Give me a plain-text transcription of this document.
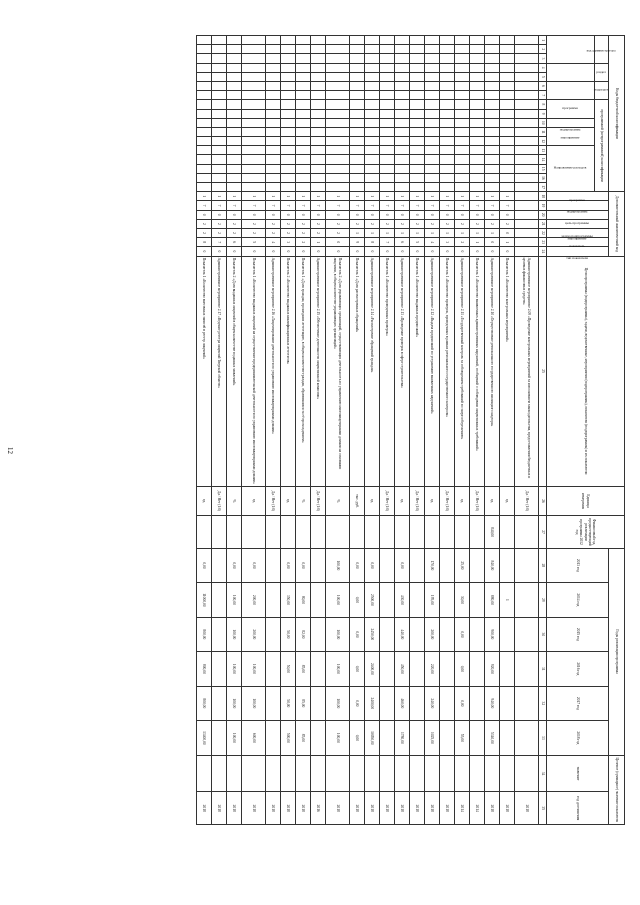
12
Коды бюджетной классификации																	Дополнительный аналитический код							Цели программы (подпрограммы), задачи, ведомственные, мероприятия (подпрограммы), показатели (подпрограммы) и их показатели	Единица измерения	Финансовый год, предшествующий реализации программы 2012 год	Годы реализации программы						Целевое (суммарное) значение показателя	
код администратора			раздел		подраздел		программной (непрограммной) классификации										программа	подпрограмма	цель программы	задача подпрограммы	мероприятие	показатель	тип показателя				2013 год	2014 год	2015 год	2016 год	2017 год	2018 год	значение	год достижения
							программа		подпрограмма	мероприятие		Направление расходов																						
1	2	3	4	5	6	7	8	9	10	11	12	13	14	15	16	17	18	19	20	21	22	23	24	25	26	27	28	29	30	31	32	33	34	35
																								Административное мероприятие 2.09 «Проведение контрольных мероприятий за исполнением законодательства, предоставлении бюджетных и целевых финансовых средств»	Да / Нет (1/0)									2018
																	1	7	0	2	0	1	0	Показатель 1 «Количество контрольных мероприятий»	ед.			1						2018
																	1	7	0	2	1	0	0	Административное мероприятие 2.10 «Осуществление регионального государственного жилищного надзора»	ед.	840,00	840,00	880,00	900,00	920,00	940,00	5340,00		2018
																	1	7	0	2	1	1	0	Показатель 1 «Количество выявленных административных нарушений, сообщений о соблюдении лицензионных требований»	Да / Нет (1/0)									2014
																	1	7	0	2	1	2	0	Административное мероприятие 2.11 «Государственный контроль за соблюдением требований по энергосбережению»	ед.		25,00	30,00	0,00	0,00	0,00	55,00		2014
																	1	7	0	2	1	3	0	Показатель 1 «Количество проверок, проведенных в рамках регионального государственного контроля»	Да / Нет (1/0)									2018
																	1	7	0	2	1	4	0	Административное мероприятие 2.12 «Выдача предписаний по устранению выявленных нарушений»	ед.		170,00	195,00	200,00	220,00	240,00	1025,00		2018
																	1	7	0	2	1	5	0	Показатель 1 «Количество выданных предписаний»	Да / Нет (1/0)									2018
																	1	7	0	2	1	6	0	Административное мероприятие 2.13 «Проведение проверок в сфере строительства»	ед.		0,00	430,00	440,00	450,00	460,00	1780,00		2018
																	1	7	0	2	1	7	0	Показатель 1 «Количество проведенных проверок»	Да / Нет (1/0)									2018
																	1	7	0	2	1	8	0	Административное мероприятие 2.14 «Рассмотрение обращений граждан»	ед.		0,00	2500,00	2450,00	2400,00	2400,00	10050,00		2018
																	1	7	0	2	1	9	0	Показатель 1 «Доля рассмотренных обращений»	тыс. руб.		0,00	0,00	0,00	0,00	0,00	0,00		2018
																	1	7	0	2	2	0	0	Показатель 2 «Доля управляющих организаций, осуществляющих деятельность по управлению многоквартирными домами на основании лицензии, в общем количестве управляющих организаций»	%		100,00	100,00	100,00	100,00	100,00	100,00		2018
																	1	7	0	2	2	1	0	Административное мероприятие 2.15 «Обеспечение деятельности лицензионной комиссии»	Да / Нет (1/0)									2016
																	1	7	0	2	2	2	0	Показатель 1 «Доля граждан, прошедших аттестацию, в общем количестве граждан, обратившихся за её прохождением»	%		0,00	80,00	82,00	85,00	85,00	85,00		2018
																	1	7	0	2	2	3	0	Показатель 2 «Количество выданных квалификационных аттестатов»	ед.		0,00	350,00	50,00	50,00	50,00	500,00		2018
																	1	7	0	2	2	4	0	Административное мероприятие 2.16 «Лицензирование деятельности по управлению многоквартирными домами»	Да / Нет (1/0)									2018
																	1	7	0	2	2	5	0	Показатель 1 «Количество выданных лицензий на осуществление предпринимательской деятельности по управлению многоквартирными домами»	ед.		0,00	200,00	200,00	100,00	100,00	600,00		2018
																	1	7	0	2	2	6	0	Показатель 2 «Доля выданных лицензий в общем количестве поданных заявлений»	%		0,00	100,00	100,00	100,00	100,00	100,00		2018
																	1	7	0	2	2	7	0	Административное мероприятие 2.17 «Ведение реестра лицензий Тверской области»	Да / Нет (1/0)									2018
																	1	7	0	2	2	8	0	Показатель 1 «Количество внесенных записей в реестр лицензий»	ед.		0,00	11000,00	800,00	800,00	800,00	13400,00		2018
